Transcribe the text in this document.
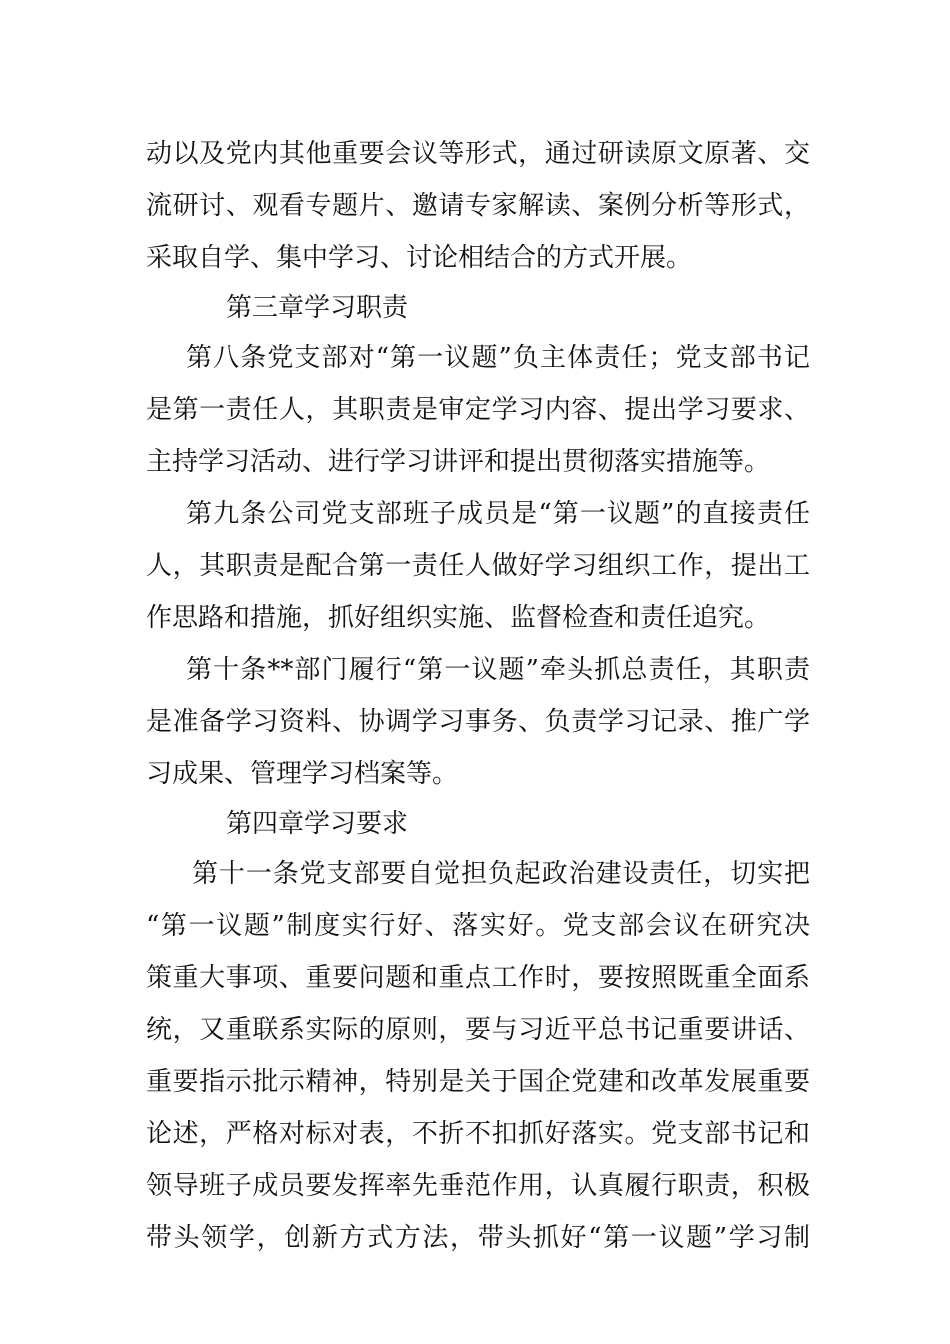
动以及党内其他重要会议等形式，通过研读原文原著、交
流研讨、观看专题片、邀请专家解读、案例分析等形式，
采取自学、集中学习、讨论相结合的方式开展。
第三章学习职责
第八条党支部对“第一议题”负主体责任；党支部书记
是第一责任人，其职责是审定学习内容、提出学习要求、
主持学习活动、进行学习讲评和提出贯彻落实措施等。
第九条公司党支部班子成员是“第一议题”的直接责任
人，其职责是配合第一责任人做好学习组织工作，提出工
作思路和措施，抓好组织实施、监督检查和责任追究。
第十条**部门履行“第一议题”牵头抓总责任，其职责
是准备学习资料、协调学习事务、负责学习记录、推广学
习成果、管理学习档案等。
第四章学习要求
第十一条党支部要自觉担负起政治建设责任，切实把
“第一议题”制度实行好、落实好。党支部会议在研究决
策重大事项、重要问题和重点工作时，要按照既重全面系
统，又重联系实际的原则，要与习近平总书记重要讲话、
重要指示批示精神，特别是关于国企党建和改革发展重要
论述，严格对标对表，不折不扣抓好落实。党支部书记和
领导班子成员要发挥率先垂范作用，认真履行职责，积极
带头领学，创新方式方法，带头抓好“第一议题”学习制
